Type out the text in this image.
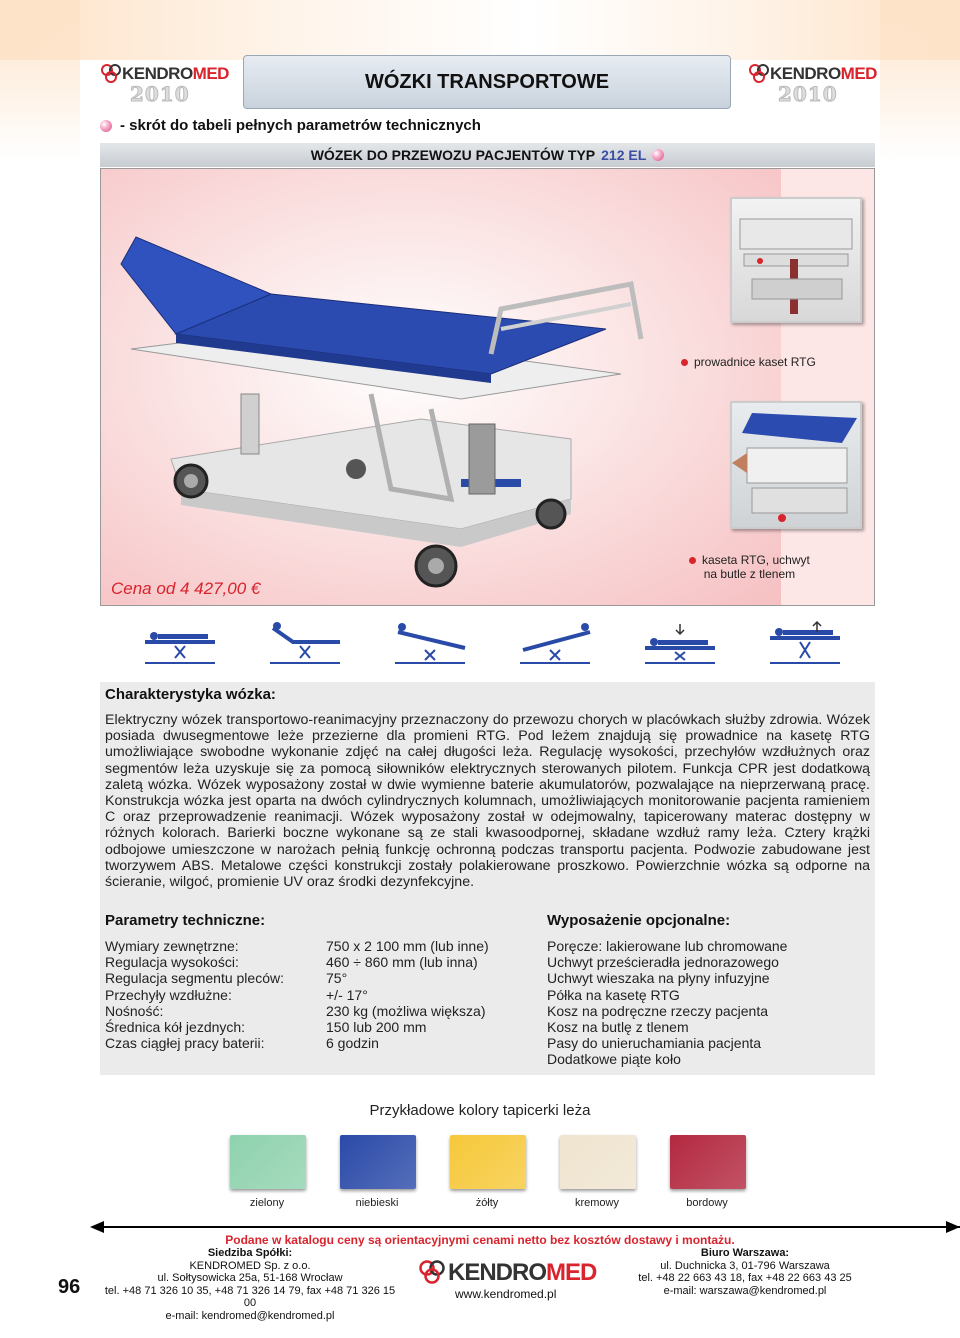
KENDROMED
2010
WÓZKI TRANSPORTOWE	KENDROMED
2010
- skrót do tabeli pełnych parametrów technicznych
WÓZEK DO PRZEWOZU PACJENTÓW TYP 212 EL
Cena od 4 427,00 €
prowadnice kaset RTG
kaseta RTG, uchwyt
na butle z tlenem
Charakterystyka wózka:

Elektryczny wózek transportowo-reanimacyjny przeznaczony do przewozu chorych w placówkach służby zdrowia. Wózek posiada dwusegmentowe leże przezierne dla promieni RTG. Pod leżem znajdują się prowadnice na kasetę RTG umożliwiające swobodne wykonanie zdjęć na całej długości leża. Regulację wysokości, przechyłów wzdłużnych oraz segmentów leża uzyskuje się za pomocą siłowników elektrycznych sterowanych pilotem. Funkcja CPR jest dodatkową zaletą wózka. Wózek wyposażony został w dwie wymienne baterie akumulatorów, pozwalające na nieprzerwaną pracę. Konstrukcja wózka jest oparta na dwóch cylindrycznych kolumnach, umożliwiających monitorowanie pacjenta ramieniem C oraz przeprowadzenie reanimacji. Wózek wyposażony został w odejmowalny, tapicerowany materac dostępny w różnych kolorach. Barierki boczne wykonane są ze stali kwasoodpornej, składane wzdłuż ramy leża. Cztery krążki odbojowe umieszczone w narożach pełnią funkcję ochronną podczas transportu pacjenta. Podwozie zabudowane jest tworzywem ABS. Metalowe części konstrukcji zostały polakierowane proszkowo. Powierzchnie wózka są odporne na ścieranie, wilgoć, promienie UV oraz środki dezynfekcyjne.

Parametry techniczne:
Wymiary zewnętrzne:	750 x 2 100 mm (lub inne)
Regulacja wysokości:	460 ÷ 860 mm (lub inna)
Regulacja segmentu pleców:	75°
Przechyły wzdłużne:	+/- 17°
Nośność:	230 kg (możliwa większa)
Średnica kół jezdnych:	150 lub 200 mm
Czas ciągłej pracy baterii:	6 godzin
Wyposażenie opcjonalne:
Poręcze: lakierowane lub chromowane
Uchwyt prześcieradła jednorazowego
Uchwyt wieszaka na płyny infuzyjne
Półka na kasetę RTG
Kosz na podręczne rzeczy pacjenta
Kosz na butlę z tlenem
Pasy do unieruchamiania pacjenta
Dodatkowe piąte koło
Przykładowe kolory tapicerki leża
zielony	niebieski	żółty	kremowy	bordowy
Podane w katalogu ceny są orientacyjnymi cenami netto bez kosztów dostawy i montażu.
96
Siedziba Spółki:
KENDROMED Sp. z o.o.
ul. Sołtysowicka 25a, 51-168 Wrocław
tel. +48 71 326 10 35, +48 71 326 14 79, fax +48 71 326 15 00
e-mail: kendromed@kendromed.pl
KENDROMED
www.kendromed.pl
Biuro Warszawa:
ul. Duchnicka 3, 01-796 Warszawa
tel. +48 22 663 43 18, fax +48 22 663 43 25
e-mail: warszawa@kendromed.pl
